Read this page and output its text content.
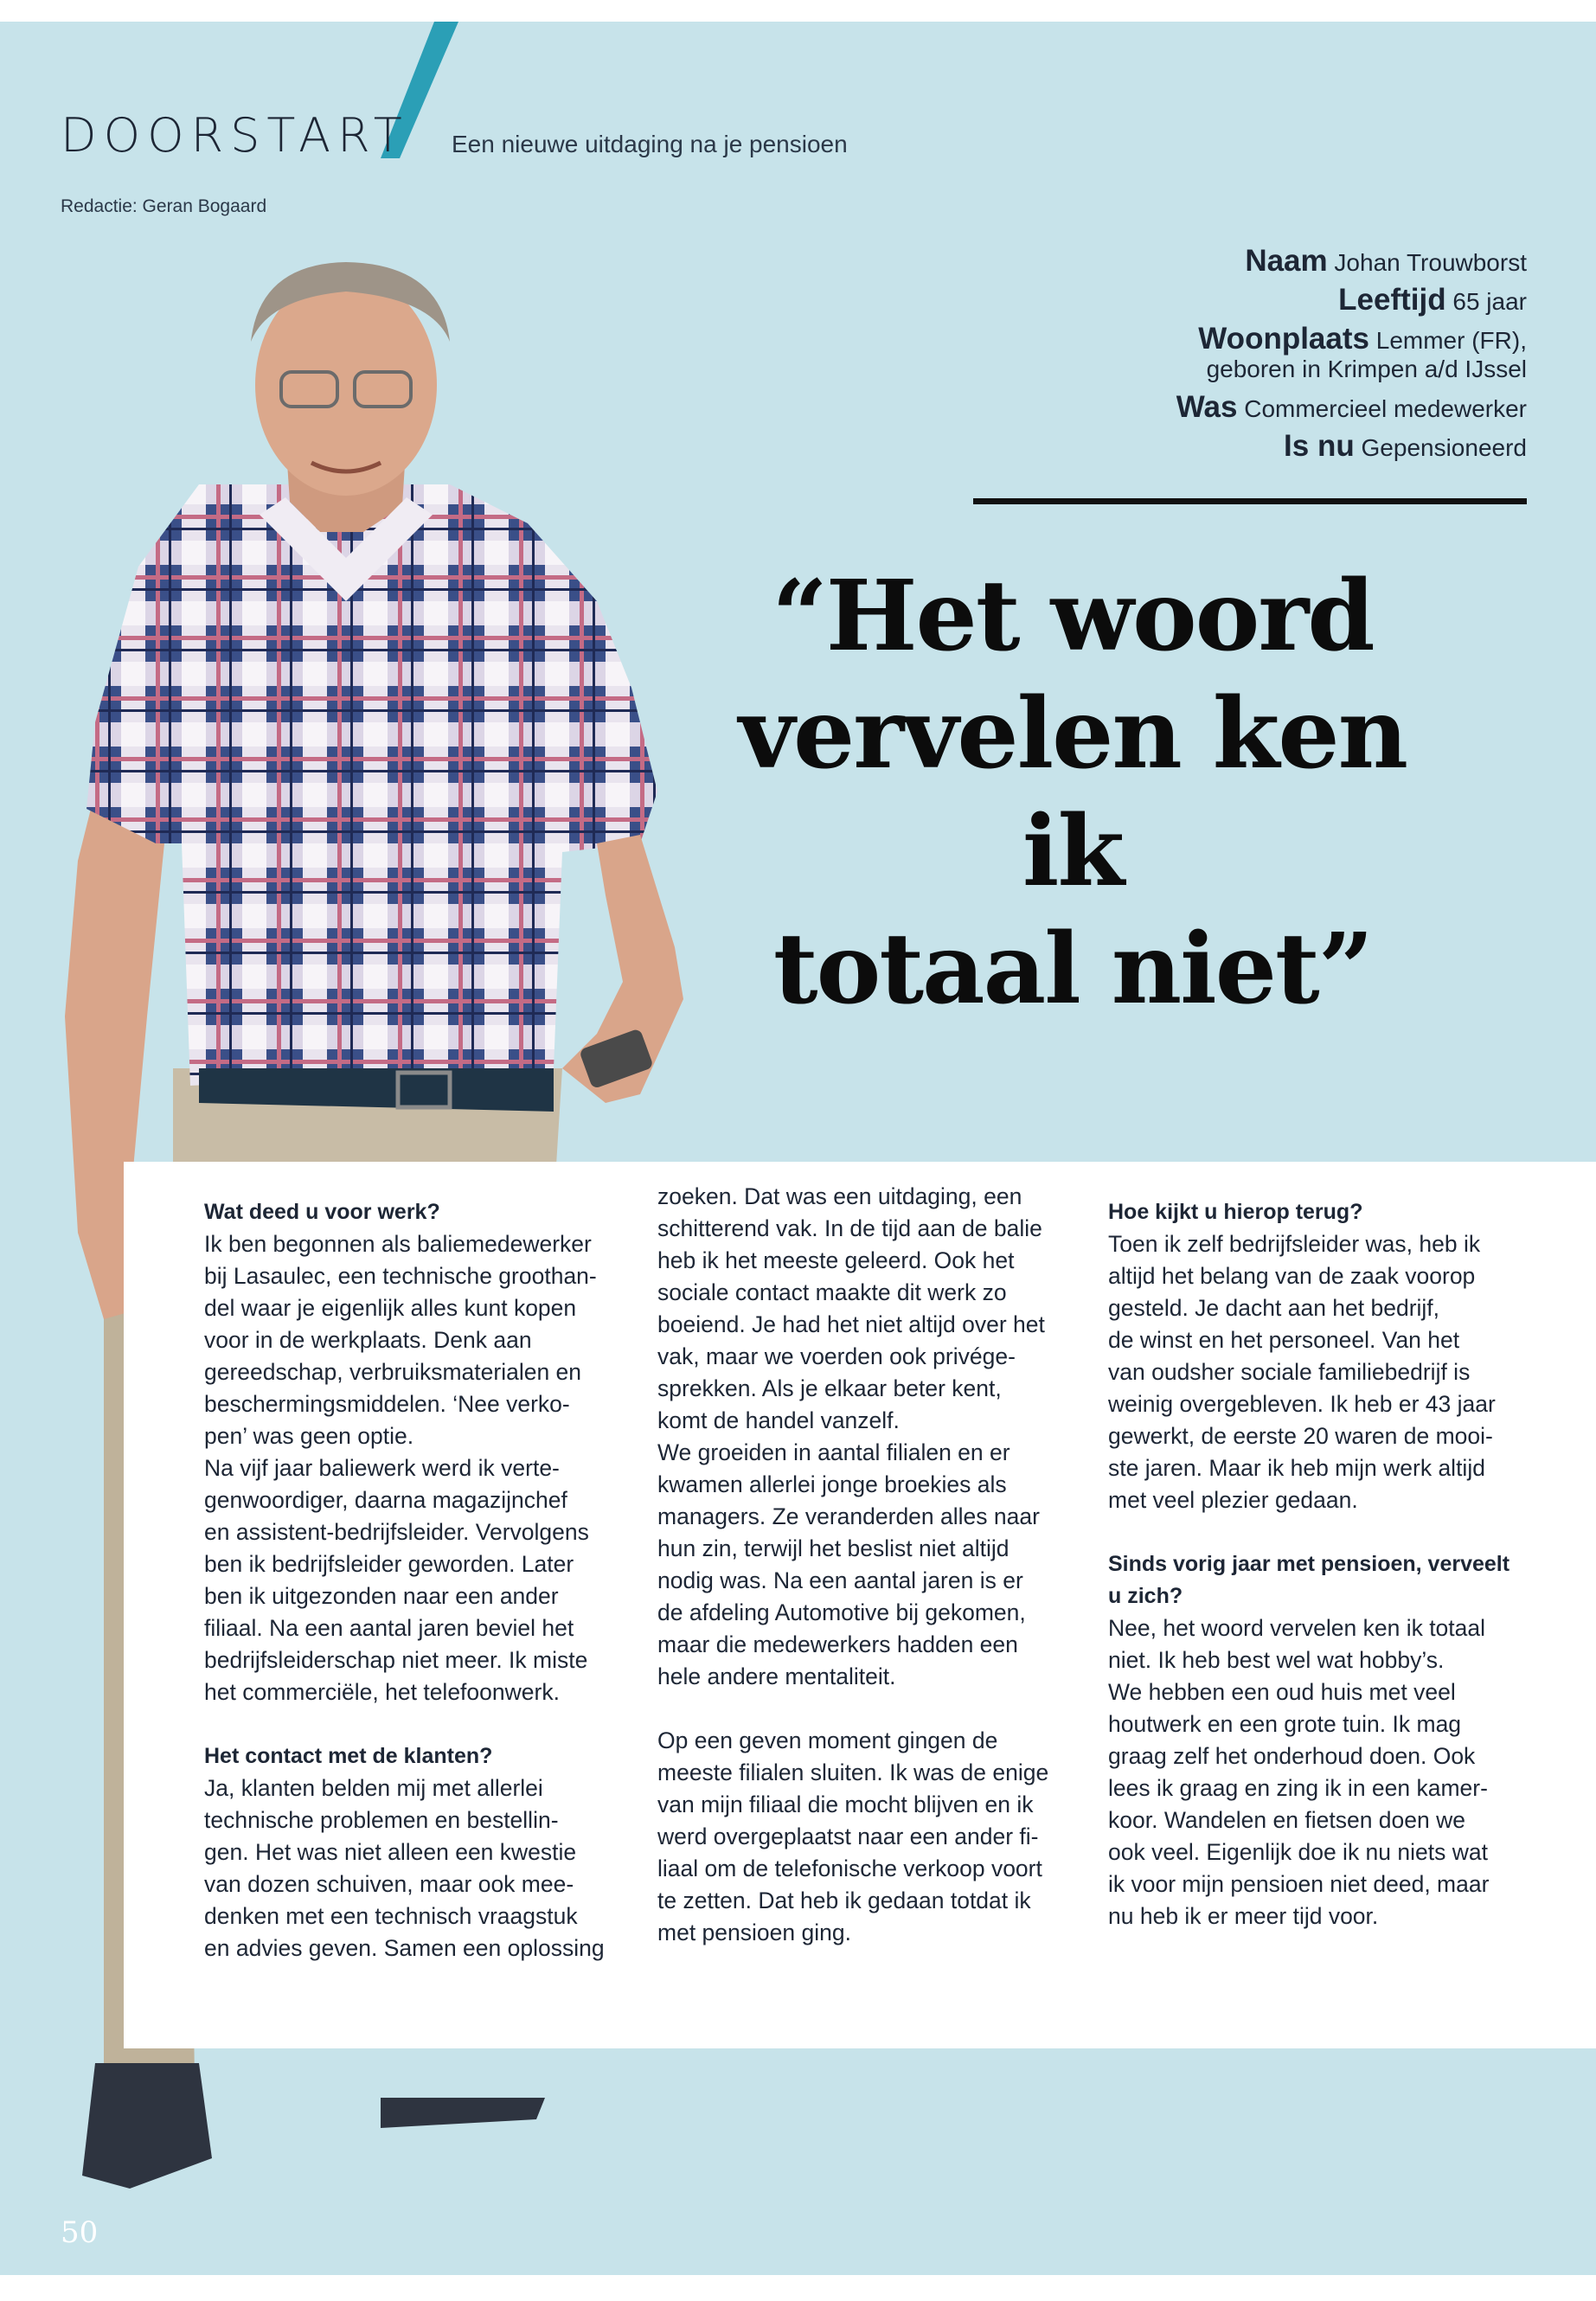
DOORSTART Een nieuwe uitdaging na je pensioen
Redactie: Geran Bogaard
Naam Johan Trouwborst
Leeftijd 65 jaar
Woonplaats Lemmer (FR),
geboren in Krimpen a/d IJssel
Was Commercieel medewerker
Is nu Gepensioneerd
“Het woord
vervelen ken ik
totaal niet”
Wat deed u voor werk?

Ik ben begonnen als baliemedewerker
bij Lasaulec, een technische groothan-
del waar je eigenlijk alles kunt kopen
voor in de werkplaats. Denk aan
gereedschap, verbruiksmaterialen en
beschermingsmiddelen. ‘Nee verko-
pen’ was geen optie.
Na vijf jaar baliewerk werd ik verte-
genwoordiger, daarna magazijnchef
en assistent-bedrijfsleider. Vervolgens
ben ik bedrijfsleider geworden. Later
ben ik uitgezonden naar een ander
filiaal. Na een aantal jaren beviel het
bedrijfsleiderschap niet meer. Ik miste
het commerciële, het telefoonwerk.

Het contact met de klanten?

Ja, klanten belden mij met allerlei
technische problemen en bestellin-
gen. Het was niet alleen een kwestie
van dozen schuiven, maar ook mee-
denken met een technisch vraagstuk
en advies geven. Samen een oplossing

zoeken. Dat was een uitdaging, een
schitterend vak. In de tijd aan de balie
heb ik het meeste geleerd. Ook het
sociale contact maakte dit werk zo
boeiend. Je had het niet altijd over het
vak, maar we voerden ook privége-
sprekken. Als je elkaar beter kent,
komt de handel vanzelf.
We groeiden in aantal filialen en er
kwamen allerlei jonge broekies als
managers. Ze veranderden alles naar
hun zin, terwijl het beslist niet altijd
nodig was. Na een aantal jaren is er
de afdeling Automotive bij gekomen,
maar die medewerkers hadden een
hele andere mentaliteit.

Op een geven moment gingen de
meeste filialen sluiten. Ik was de enige
van mijn filiaal die mocht blijven en ik
werd overgeplaatst naar een ander fi-
liaal om de telefonische verkoop voort
te zetten. Dat heb ik gedaan totdat ik
met pensioen ging.

Hoe kijkt u hierop terug?

Toen ik zelf bedrijfsleider was, heb ik
altijd het belang van de zaak voorop
gesteld. Je dacht aan het bedrijf,
de winst en het personeel. Van het
van oudsher sociale familiebedrijf is
weinig overgebleven. Ik heb er 43 jaar
gewerkt, de eerste 20 waren de mooi-
ste jaren. Maar ik heb mijn werk altijd
met veel plezier gedaan.

Sinds vorig jaar met pensioen, verveelt
u zich?

Nee, het woord vervelen ken ik totaal
niet. Ik heb best wel wat hobby’s.
We hebben een oud huis met veel
houtwerk en een grote tuin. Ik mag
graag zelf het onderhoud doen. Ook
lees ik graag en zing ik in een kamer-
koor. Wandelen en fietsen doen we
ook veel. Eigenlijk doe ik nu niets wat
ik voor mijn pensioen niet deed, maar
nu heb ik er meer tijd voor.

50
